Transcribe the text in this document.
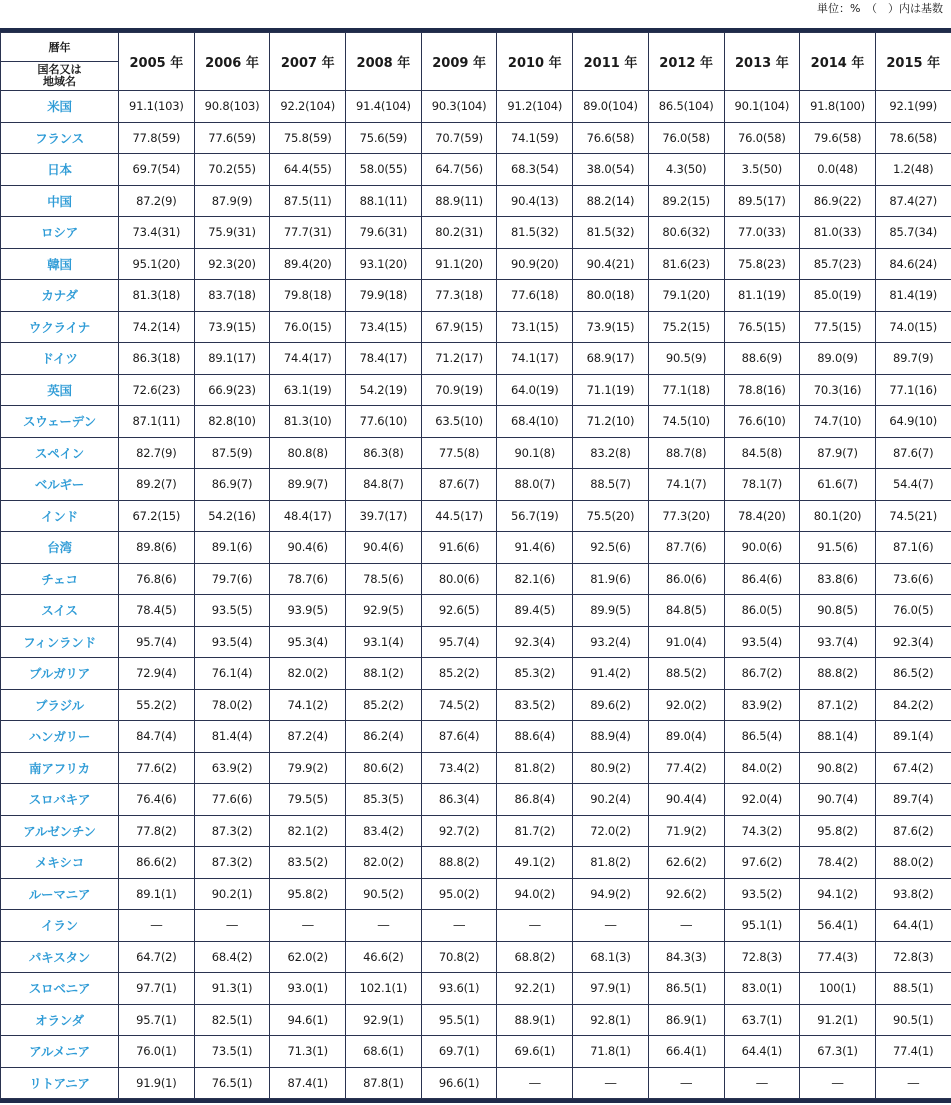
単位：%　（　）内は基数
暦年	2005 年	2006 年	2007 年	2008 年	2009 年	2010 年	2011 年	2012 年	2013 年	2014 年	2015 年
国名又は
地域名											
米国	91.1(103)	90.8(103)	92.2(104)	91.4(104)	90.3(104)	91.2(104)	89.0(104)	86.5(104)	90.1(104)	91.8(100)	92.1(99)
フランス	77.8(59)	77.6(59)	75.8(59)	75.6(59)	70.7(59)	74.1(59)	76.6(58)	76.0(58)	76.0(58)	79.6(58)	78.6(58)
日本	69.7(54)	70.2(55)	64.4(55)	58.0(55)	64.7(56)	68.3(54)	38.0(54)	4.3(50)	3.5(50)	0.0(48)	1.2(48)
中国	87.2(9)	87.9(9)	87.5(11)	88.1(11)	88.9(11)	90.4(13)	88.2(14)	89.2(15)	89.5(17)	86.9(22)	87.4(27)
ロシア	73.4(31)	75.9(31)	77.7(31)	79.6(31)	80.2(31)	81.5(32)	81.5(32)	80.6(32)	77.0(33)	81.0(33)	85.7(34)
韓国	95.1(20)	92.3(20)	89.4(20)	93.1(20)	91.1(20)	90.9(20)	90.4(21)	81.6(23)	75.8(23)	85.7(23)	84.6(24)
カナダ	81.3(18)	83.7(18)	79.8(18)	79.9(18)	77.3(18)	77.6(18)	80.0(18)	79.1(20)	81.1(19)	85.0(19)	81.4(19)
ウクライナ	74.2(14)	73.9(15)	76.0(15)	73.4(15)	67.9(15)	73.1(15)	73.9(15)	75.2(15)	76.5(15)	77.5(15)	74.0(15)
ドイツ	86.3(18)	89.1(17)	74.4(17)	78.4(17)	71.2(17)	74.1(17)	68.9(17)	90.5(9)	88.6(9)	89.0(9)	89.7(9)
英国	72.6(23)	66.9(23)	63.1(19)	54.2(19)	70.9(19)	64.0(19)	71.1(19)	77.1(18)	78.8(16)	70.3(16)	77.1(16)
スウェーデン	87.1(11)	82.8(10)	81.3(10)	77.6(10)	63.5(10)	68.4(10)	71.2(10)	74.5(10)	76.6(10)	74.7(10)	64.9(10)
スペイン	82.7(9)	87.5(9)	80.8(8)	86.3(8)	77.5(8)	90.1(8)	83.2(8)	88.7(8)	84.5(8)	87.9(7)	87.6(7)
ベルギー	89.2(7)	86.9(7)	89.9(7)	84.8(7)	87.6(7)	88.0(7)	88.5(7)	74.1(7)	78.1(7)	61.6(7)	54.4(7)
インド	67.2(15)	54.2(16)	48.4(17)	39.7(17)	44.5(17)	56.7(19)	75.5(20)	77.3(20)	78.4(20)	80.1(20)	74.5(21)
台湾	89.8(6)	89.1(6)	90.4(6)	90.4(6)	91.6(6)	91.4(6)	92.5(6)	87.7(6)	90.0(6)	91.5(6)	87.1(6)
チェコ	76.8(6)	79.7(6)	78.7(6)	78.5(6)	80.0(6)	82.1(6)	81.9(6)	86.0(6)	86.4(6)	83.8(6)	73.6(6)
スイス	78.4(5)	93.5(5)	93.9(5)	92.9(5)	92.6(5)	89.4(5)	89.9(5)	84.8(5)	86.0(5)	90.8(5)	76.0(5)
フィンランド	95.7(4)	93.5(4)	95.3(4)	93.1(4)	95.7(4)	92.3(4)	93.2(4)	91.0(4)	93.5(4)	93.7(4)	92.3(4)
ブルガリア	72.9(4)	76.1(4)	82.0(2)	88.1(2)	85.2(2)	85.3(2)	91.4(2)	88.5(2)	86.7(2)	88.8(2)	86.5(2)
ブラジル	55.2(2)	78.0(2)	74.1(2)	85.2(2)	74.5(2)	83.5(2)	89.6(2)	92.0(2)	83.9(2)	87.1(2)	84.2(2)
ハンガリー	84.7(4)	81.4(4)	87.2(4)	86.2(4)	87.6(4)	88.6(4)	88.9(4)	89.0(4)	86.5(4)	88.1(4)	89.1(4)
南アフリカ	77.6(2)	63.9(2)	79.9(2)	80.6(2)	73.4(2)	81.8(2)	80.9(2)	77.4(2)	84.0(2)	90.8(2)	67.4(2)
スロバキア	76.4(6)	77.6(6)	79.5(5)	85.3(5)	86.3(4)	86.8(4)	90.2(4)	90.4(4)	92.0(4)	90.7(4)	89.7(4)
アルゼンチン	77.8(2)	87.3(2)	82.1(2)	83.4(2)	92.7(2)	81.7(2)	72.0(2)	71.9(2)	74.3(2)	95.8(2)	87.6(2)
メキシコ	86.6(2)	87.3(2)	83.5(2)	82.0(2)	88.8(2)	49.1(2)	81.8(2)	62.6(2)	97.6(2)	78.4(2)	88.0(2)
ルーマニア	89.1(1)	90.2(1)	95.8(2)	90.5(2)	95.0(2)	94.0(2)	94.9(2)	92.6(2)	93.5(2)	94.1(2)	93.8(2)
イラン	―	―	―	―	―	―	―	―	95.1(1)	56.4(1)	64.4(1)
パキスタン	64.7(2)	68.4(2)	62.0(2)	46.6(2)	70.8(2)	68.8(2)	68.1(3)	84.3(3)	72.8(3)	77.4(3)	72.8(3)
スロベニア	97.7(1)	91.3(1)	93.0(1)	102.1(1)	93.6(1)	92.2(1)	97.9(1)	86.5(1)	83.0(1)	100(1)	88.5(1)
オランダ	95.7(1)	82.5(1)	94.6(1)	92.9(1)	95.5(1)	88.9(1)	92.8(1)	86.9(1)	63.7(1)	91.2(1)	90.5(1)
アルメニア	76.0(1)	73.5(1)	71.3(1)	68.6(1)	69.7(1)	69.6(1)	71.8(1)	66.4(1)	64.4(1)	67.3(1)	77.4(1)
リトアニア	91.9(1)	76.5(1)	87.4(1)	87.8(1)	96.6(1)	―	―	―	―	―	―
